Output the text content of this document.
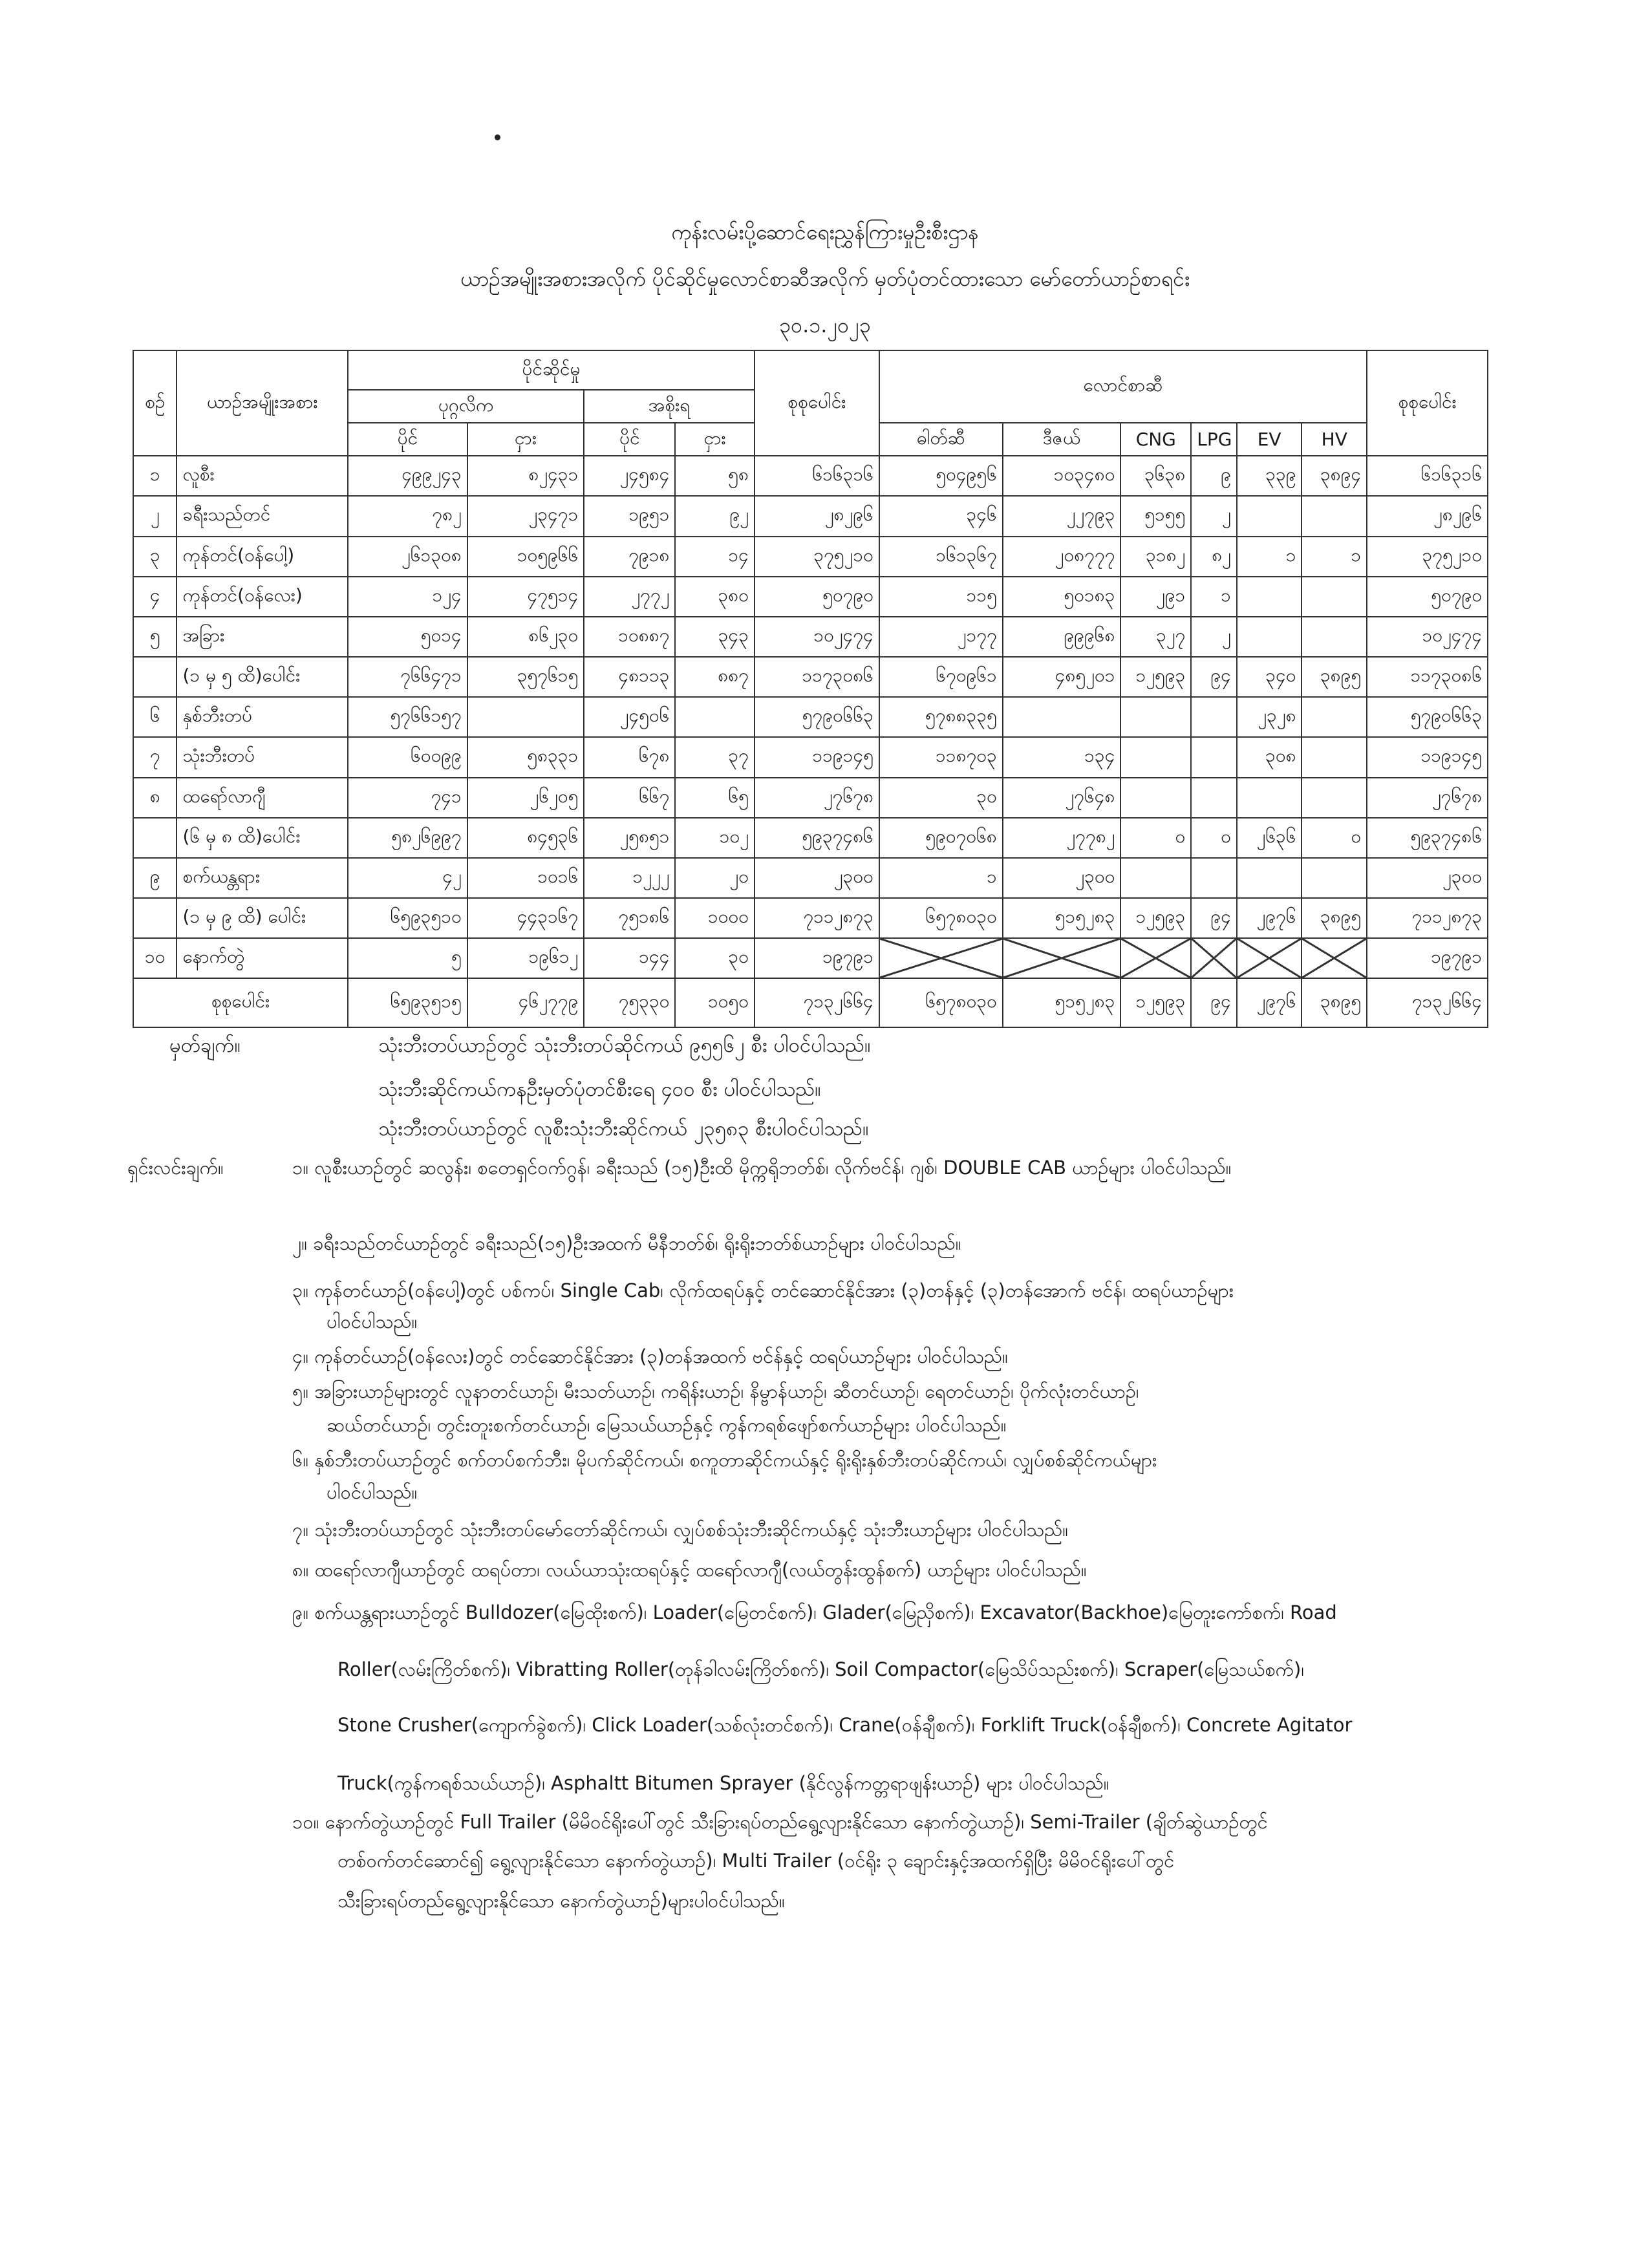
ကုန်းလမ်းပို့ဆောင်ရေးညွှန်ကြားမှုဦးစီးဌာန
ယာဉ်အမျိုးအစားအလိုက် ပိုင်ဆိုင်မှုလောင်စာဆီအလိုက် မှတ်ပုံတင်ထားသော မော်တော်ယာဉ်စာရင်း
၃၀.၁.၂၀၂၃
စဉ်	ယာဉ်အမျိုးအစား	ပိုင်ဆိုင်မှု				စုစုပေါင်း	လောင်စာဆီ						စုစုပေါင်း
		ပုဂ္ဂလိက		အစိုးရ									
		ပိုင်	ငှား	ပိုင်	ငှား		ဓါတ်ဆီ	ဒီဇယ်	CNG	LPG	EV	HV	
၁	လူစီး	၄၉၉၂၄၃	၈၂၄၃၁	၂၄၅၈၄	၅၈	၆၁၆၃၁၆	၅၀၄၉၅၆	၁၀၃၄၈၀	၃၆၃၈	၉	၃၃၉	၃၈၉၄	၆၁၆၃၁၆
၂	ခရီးသည်တင်	၇၈၂	၂၃၄၇၁	၁၉၅၁	၉၂	၂၈၂၉၆	၃၄၆	၂၂၇၉၃	၅၁၅၅	၂			၂၈၂၉၆
၃	ကုန်တင်(ဝန်ပေါ့)	၂၆၁၃၀၈	၁၀၅၉၆၆	၇၉၁၈	၁၄	၃၇၅၂၁၀	၁၆၁၃၆၇	၂၀၈၇၇၇	၃၁၈၂	၈၂	၁	၁	၃၇၅၂၁၀
၄	ကုန်တင်(ဝန်လေး)	၁၂၄	၄၇၅၁၄	၂၇၇၂	၃၈၀	၅၀၇၉၀	၁၁၅	၅၀၁၈၃	၂၉၁	၁			၅၀၇၉၀
၅	အခြား	၅၀၁၄	၈၆၂၃၀	၁၀၈၈၇	၃၄၃	၁၀၂၄၇၄	၂၁၇၇	၉၉၉၆၈	၃၂၇	၂			၁၀၂၄၇၄
	(၁ မှ ၅ ထိ)ပေါင်း	၇၆၆၄၇၁	၃၅၇၆၁၅	၄၈၁၁၃	၈၈၇	၁၁၇၃၀၈၆	၆၇၀၉၆၁	၄၈၅၂၀၁	၁၂၅၉၃	၉၄	၃၄၀	၃၈၉၅	၁၁၇၃၀၈၆
၆	နှစ်ဘီးတပ်	၅၇၆၆၁၅၇		၂၄၅၀၆		၅၇၉၀၆၆၃	၅၇၈၈၃၃၅				၂၃၂၈		၅၇၉၀၆၆၃
၇	သုံးဘီးတပ်	၆၀၀၉၉	၅၈၃၃၁	၆၇၈	၃၇	၁၁၉၁၄၅	၁၁၈၇၀၃	၁၃၄			၃၀၈		၁၁၉၁၄၅
၈	ထရော်လာဂျီ	၇၄၁	၂၆၂၀၅	၆၆၇	၆၅	၂၇၆၇၈	၃၀	၂၇၆၄၈					၂၇၆၇၈
	(၆ မှ ၈ ထိ)ပေါင်း	၅၈၂၆၉၉၇	၈၄၅၃၆	၂၅၈၅၁	၁၀၂	၅၉၃၇၄၈၆	၅၉၀၇၀၆၈	၂၇၇၈၂	၀	၀	၂၆၃၆	၀	၅၉၃၇၄၈၆
၉	စက်ယန္တရား	၄၂	၁၀၁၆	၁၂၂၂	၂၀	၂၃၀၀	၁	၂၃၀၀					၂၃၀၀
	(၁ မှ ၉ ထိ) ပေါင်း	၆၅၉၃၅၁၀	၄၄၃၁၆၇	၇၅၁၈၆	၁၀၀၀	၇၁၁၂၈၇၃	၆၅၇၈၀၃၀	၅၁၅၂၈၃	၁၂၅၉၃	၉၄	၂၉၇၆	၃၈၉၅	၇၁၁၂၈၇၃
၁၀	နောက်တွဲ	၅	၁၉၆၁၂	၁၄၄	၃၀	၁၉၇၉၁							၁၉၇၉၁
စုစုပေါင်း		၆၅၉၃၅၁၅	၄၆၂၇၇၉	၇၅၃၃၀	၁၀၅၀	၇၁၃၂၆၆၄	၆၅၇၈၀၃၀	၅၁၅၂၈၃	၁၂၅၉၃	၉၄	၂၉၇၆	၃၈၉၅	၇၁၃၂၆၆၄
မှတ်ချက်။	သုံးဘီးတပ်ယာဉ်တွင် သုံးဘီးတပ်ဆိုင်ကယ် ၉၅၅၆၂ စီး ပါဝင်ပါသည်။
သုံးဘီးဆိုင်ကယ်ကနဦးမှတ်ပုံတင်စီးရေ ၄၀၀ စီး ပါဝင်ပါသည်။
သုံးဘီးတပ်ယာဉ်တွင် လူစီးသုံးဘီးဆိုင်ကယ် ၂၃၅၈၃ စီးပါဝင်ပါသည်။
ရှင်းလင်းချက်။	၁။ လူစီးယာဉ်တွင် ဆလွန်း၊ စတေရှင်ဝက်ဂွန်၊ ခရီးသည် (၁၅)ဦးထိ မိုက္ကရိုဘတ်စ်၊ လိုက်ဗင်န်၊ ဂျစ်၊ DOUBLE CAB ယာဉ်များ ပါဝင်ပါသည်။
၂။ ခရီးသည်တင်ယာဉ်တွင် ခရီးသည်(၁၅)ဦးအထက် မီနီဘတ်စ်၊ ရိုးရိုးဘတ်စ်ယာဉ်များ ပါဝင်ပါသည်။
၃။ ကုန်တင်ယာဉ်(ဝန်ပေါ့)တွင် ပစ်ကပ်၊ Single Cab၊ လိုက်ထရပ်နှင့် တင်ဆောင်နိုင်အား (၃)တန်နှင့် (၃)တန်အောက် ဗင်န်၊ ထရပ်ယာဉ်များ
ပါဝင်ပါသည်။
၄။ ကုန်တင်ယာဉ်(ဝန်လေး)တွင် တင်ဆောင်နိုင်အား (၃)တန်အထက် ဗင်န်နှင့် ထရပ်ယာဉ်များ ပါဝင်ပါသည်။
၅။ အခြားယာဉ်များတွင် လူနာတင်ယာဉ်၊ မီးသတ်ယာဉ်၊ ကရိန်းယာဉ်၊ နိမ္ဗာန်ယာဉ်၊ ဆီတင်ယာဉ်၊ ရေတင်ယာဉ်၊ ပိုက်လုံးတင်ယာဉ်၊
ဆယ်တင်ယာဉ်၊ တွင်းတူးစက်တင်ယာဉ်၊ မြေသယ်ယာဉ်နှင့် ကွန်ကရစ်ဖျော်စက်ယာဉ်များ ပါဝင်ပါသည်။
၆။ နှစ်ဘီးတပ်ယာဉ်တွင် စက်တပ်စက်ဘီး၊ မိုပက်ဆိုင်ကယ်၊ စကူတာဆိုင်ကယ်နှင့် ရိုးရိုးနှစ်ဘီးတပ်ဆိုင်ကယ်၊ လျှပ်စစ်ဆိုင်ကယ်များ
ပါဝင်ပါသည်။
၇။ သုံးဘီးတပ်ယာဉ်တွင် သုံးဘီးတပ်မော်တော်ဆိုင်ကယ်၊ လျှပ်စစ်သုံးဘီးဆိုင်ကယ်နှင့် သုံးဘီးယာဉ်များ ပါဝင်ပါသည်။
၈။ ထရော်လာဂျီယာဉ်တွင် ထရပ်တာ၊ လယ်ယာသုံးထရပ်နှင့် ထရော်လာဂျီ(လယ်တွန်းထွန်စက်) ယာဉ်များ ပါဝင်ပါသည်။
၉။ စက်ယန္တရားယာဉ်တွင် Bulldozer(မြေထိုးစက်)၊ Loader(မြေတင်စက်)၊ Glader(မြေညှိစက်)၊ Excavator(Backhoe)မြေတူးကော်စက်၊ Road
Roller(လမ်းကြိတ်စက်)၊ Vibratting Roller(တုန်ခါလမ်းကြိတ်စက်)၊ Soil Compactor(မြေသိပ်သည်းစက်)၊ Scraper(မြေသယ်စက်)၊
Stone Crusher(ကျောက်ခွဲစက်)၊ Click Loader(သစ်လုံးတင်စက်)၊ Crane(ဝန်ချီစက်)၊ Forklift Truck(ဝန်ချီစက်)၊ Concrete Agitator
Truck(ကွန်ကရစ်သယ်ယာဉ်)၊ Asphaltt Bitumen Sprayer (နိုင်လွန်ကတ္တရာဖျန်းယာဉ်) များ ပါဝင်ပါသည်။
၁၀။ နောက်တွဲယာဉ်တွင် Full Trailer (မိမိဝင်ရိုးပေါ်တွင် သီးခြားရပ်တည်ရွေ့လျားနိုင်သော နောက်တွဲယာဉ်)၊ Semi-Trailer (ချိတ်ဆွဲယာဉ်တွင်
တစ်ဝက်တင်ဆောင်၍ ရွေ့လျားနိုင်သော နောက်တွဲယာဉ်)၊ Multi Trailer (ဝင်ရိုး ၃ ချောင်းနှင့်အထက်ရှိပြီး မိမိဝင်ရိုးပေါ်တွင်
သီးခြားရပ်တည်ရွေ့လျားနိုင်သော နောက်တွဲယာဉ်)များပါဝင်ပါသည်။
